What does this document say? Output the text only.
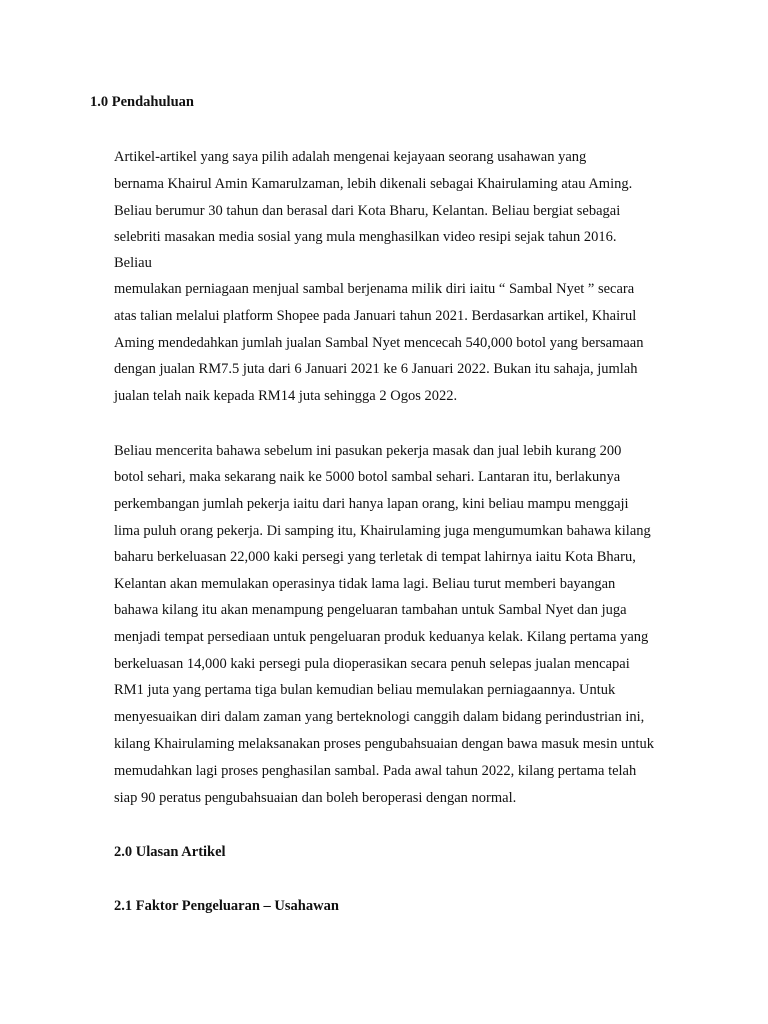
1.0 Pendahuluan
Artikel-artikel yang saya pilih adalah mengenai kejayaan seorang usahawan yang
bernama Khairul Amin Kamarulzaman, lebih dikenali sebagai Khairulaming atau Aming.
Beliau berumur 30 tahun dan berasal dari Kota Bharu, Kelantan. Beliau bergiat sebagai
selebriti masakan media sosial yang mula menghasilkan video resipi sejak tahun 2016.
Beliau
memulakan perniagaan menjual sambal berjenama milik diri iaitu “ Sambal Nyet ” secara
atas talian melalui platform Shopee pada Januari tahun 2021. Berdasarkan artikel, Khairul
Aming mendedahkan jumlah jualan Sambal Nyet mencecah 540,000 botol yang bersamaan
dengan jualan RM7.5 juta dari 6 Januari 2021 ke 6 Januari 2022. Bukan itu sahaja, jumlah
jualan telah naik kepada RM14 juta sehingga 2 Ogos 2022.
Beliau mencerita bahawa sebelum ini pasukan pekerja masak dan jual lebih kurang 200
botol sehari, maka sekarang naik ke 5000 botol sambal sehari. Lantaran itu, berlakunya
perkembangan jumlah pekerja iaitu dari hanya lapan orang, kini beliau mampu menggaji
lima puluh orang pekerja. Di samping itu, Khairulaming juga mengumumkan bahawa kilang
baharu berkeluasan 22,000 kaki persegi yang terletak di tempat lahirnya iaitu Kota Bharu,
Kelantan akan memulakan operasinya tidak lama lagi. Beliau turut memberi bayangan
bahawa kilang itu akan menampung pengeluaran tambahan untuk Sambal Nyet dan juga
menjadi tempat persediaan untuk pengeluaran produk keduanya kelak. Kilang pertama yang
berkeluasan 14,000 kaki persegi pula dioperasikan secara penuh selepas jualan mencapai
RM1 juta yang pertama tiga bulan kemudian beliau memulakan perniagaannya. Untuk
menyesuaikan diri dalam zaman yang berteknologi canggih dalam bidang perindustrian ini,
kilang Khairulaming melaksanakan proses pengubahsuaian dengan bawa masuk mesin untuk
memudahkan lagi proses penghasilan sambal. Pada awal tahun 2022, kilang pertama telah
siap 90 peratus pengubahsuaian dan boleh beroperasi dengan normal.
2.0 Ulasan Artikel
2.1 Faktor Pengeluaran – Usahawan
